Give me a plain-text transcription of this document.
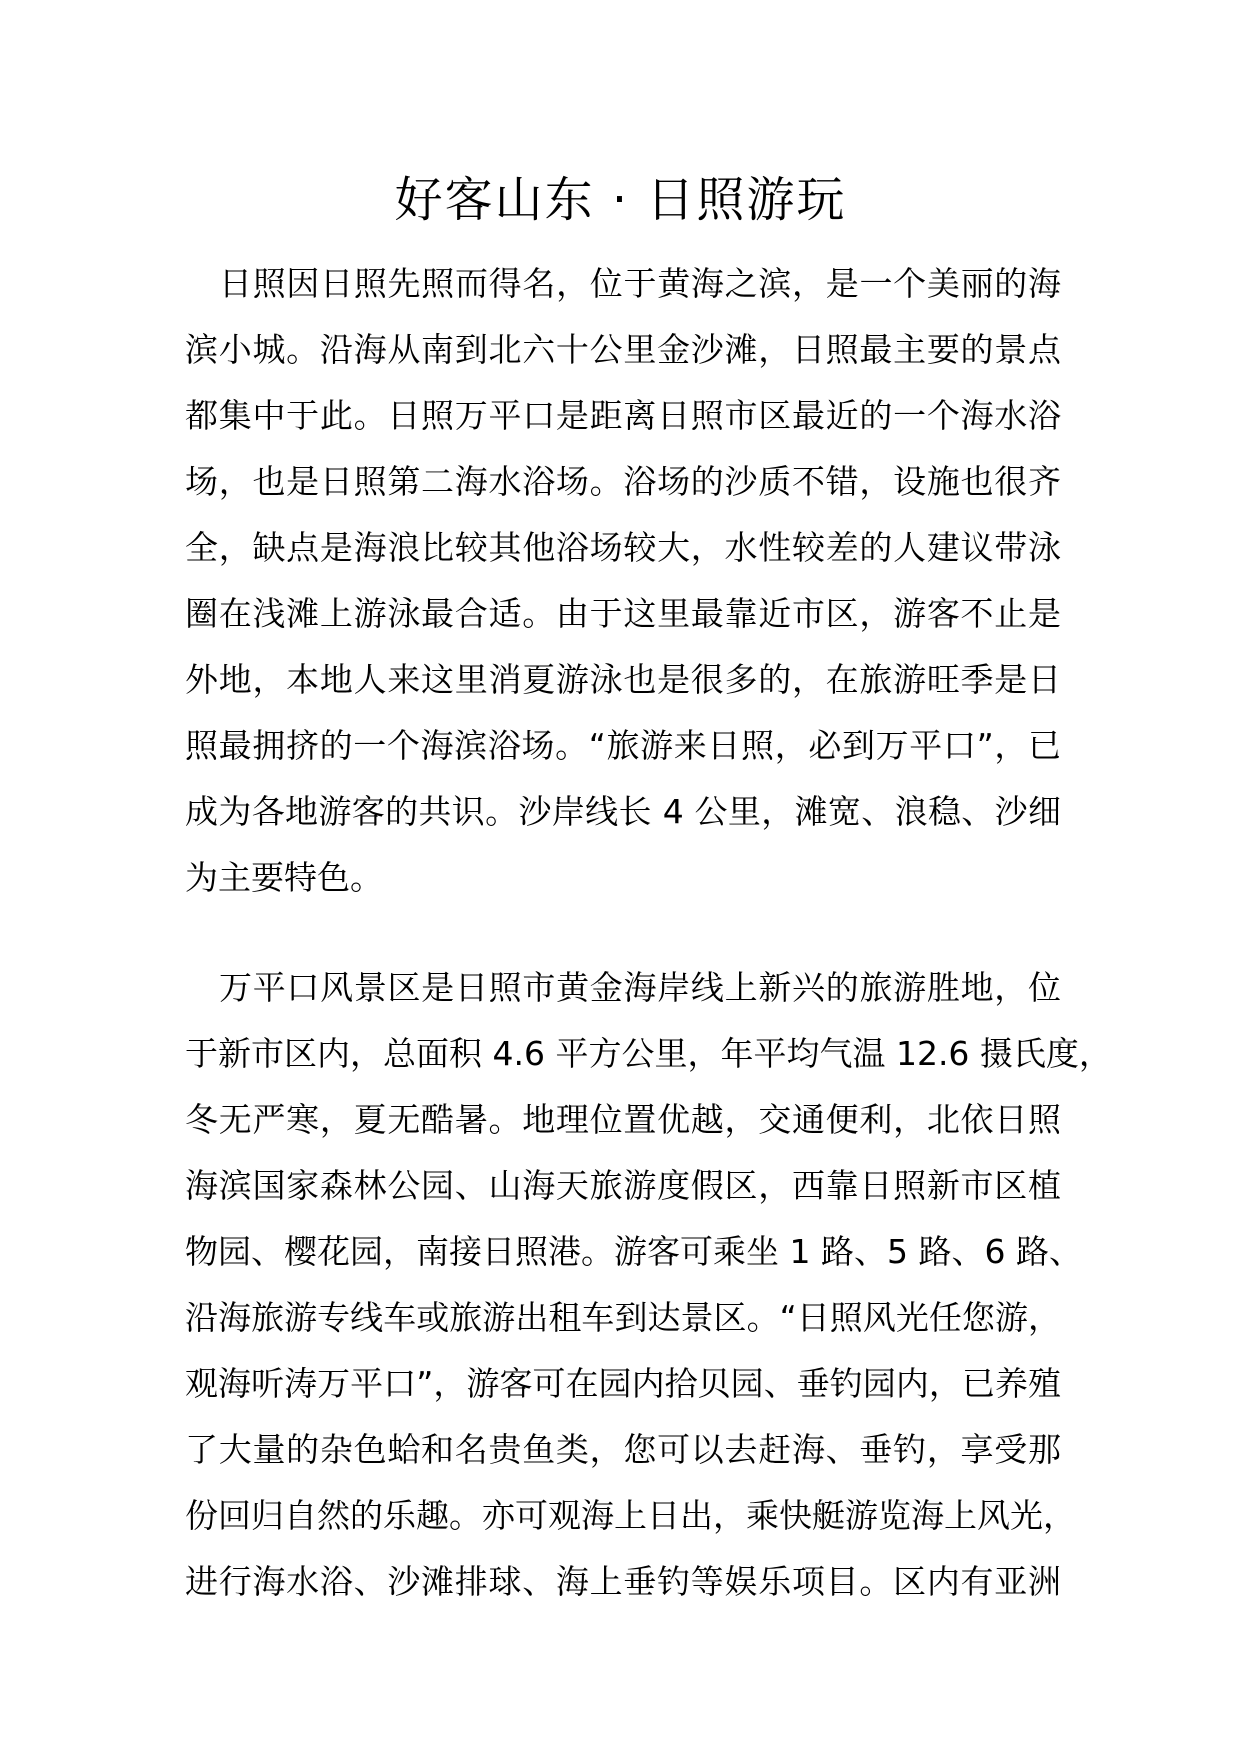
好客山东 · 日照游玩
日照因日照先照而得名，位于黄海之滨，是一个美丽的海
滨小城。沿海从南到北六十公里金沙滩，日照最主要的景点
都集中于此。日照万平口是距离日照市区最近的一个海水浴
场，也是日照第二海水浴场。浴场的沙质不错，设施也很齐
全，缺点是海浪比较其他浴场较大，水性较差的人建议带泳
圈在浅滩上游泳最合适。由于这里最靠近市区，游客不止是
外地，本地人来这里消夏游泳也是很多的，在旅游旺季是日
照最拥挤的一个海滨浴场。“旅游来日照，必到万平口”，已
成为各地游客的共识。沙岸线长 4 公里，滩宽、浪稳、沙细
为主要特色。
万平口风景区是日照市黄金海岸线上新兴的旅游胜地，位
于新市区内，总面积 4.6 平方公里，年平均气温 12.6 摄氏度，
冬无严寒，夏无酷暑。地理位置优越，交通便利，北依日照
海滨国家森林公园、山海天旅游度假区，西靠日照新市区植
物园、樱花园，南接日照港。游客可乘坐 1 路、5 路、6 路、
沿海旅游专线车或旅游出租车到达景区。“日照风光任您游，
观海听涛万平口”，游客可在园内拾贝园、垂钓园内，已养殖
了大量的杂色蛤和名贵鱼类，您可以去赶海、垂钓，享受那
份回归自然的乐趣。亦可观海上日出，乘快艇游览海上风光，
进行海水浴、沙滩排球、海上垂钓等娱乐项目。区内有亚洲
